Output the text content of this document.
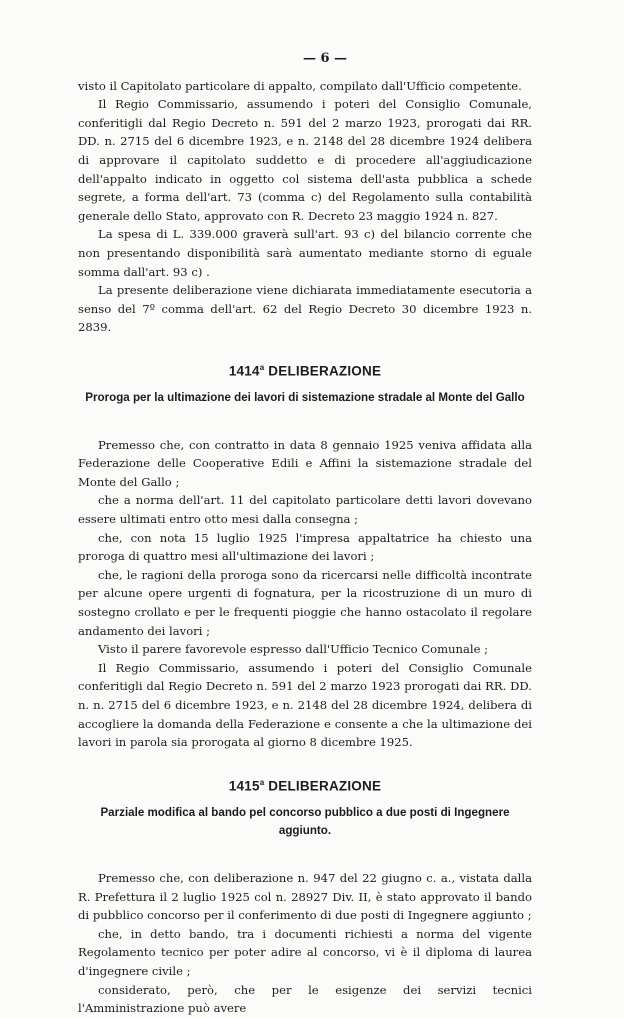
— 6 —

visto il Capitolato particolare di appalto, compilato dall'Ufficio competente.

Il Regio Commissario, assumendo i poteri del Consiglio Comunale, conferitigli dal Regio Decreto n. 591 del 2 marzo 1923, prorogati dai RR. DD. n. 2715 del 6 dicembre 1923, e n. 2148 del 28 dicembre 1924 delibera di approvare il capitolato suddetto e di procedere all'aggiudicazione dell'appalto indicato in oggetto col sistema dell'asta pubblica a schede segrete, a forma dell'art. 73 (comma c) del Regolamento sulla contabilità generale dello Stato, approvato con R. Decreto 23 maggio 1924 n. 827.

La spesa di L. 339.000 graverà sull'art. 93 c) del bilancio corrente che non presentando disponibilità sarà aumentato mediante storno di eguale somma dall'art. 93 c) .

La presente deliberazione viene dichiarata immediatamente esecutoria a senso del 7º comma dell'art. 62 del Regio Decreto 30 dicembre 1923 n. 2839.

1414$^a$ DELIBERAZIONE
Proroga per la ultimazione dei lavori di sistemazione stradale al Monte del Gallo

Premesso che, con contratto in data 8 gennaio 1925 veniva affidata alla Federazione delle Cooperative Edili e Affini la sistemazione stradale del Monte del Gallo ;

che a norma dell'art. 11 del capitolato particolare detti lavori dovevano essere ultimati entro otto mesi dalla consegna ;

che, con nota 15 luglio 1925 l'impresa appaltatrice ha chiesto una proroga di quattro mesi all'ultimazione dei lavori ;

che, le ragioni della proroga sono da ricercarsi nelle difficoltà incontrate per alcune opere urgenti di fognatura, per la ricostruzione di un muro di sostegno crollato e per le frequenti pioggie che hanno ostacolato il regolare andamento dei lavori ;

Visto il parere favorevole espresso dall'Ufficio Tecnico Comunale ;

Il Regio Commissario, assumendo i poteri del Consiglio Comunale conferitigli dal Regio Decreto n. 591 del 2 marzo 1923 prorogati dai RR. DD. n. n. 2715 del 6 dicembre 1923, e n. 2148 del 28 dicembre 1924, delibera di accogliere la domanda della Federazione e consente a che la ultimazione dei lavori in parola sia prorogata al giorno 8 dicembre 1925.

1415$^a$ DELIBERAZIONE
Parziale modifica al bando pel concorso pubblico a due posti di Ingegnere aggiunto.

Premesso che, con deliberazione n. 947 del 22 giugno c. a., vistata dalla R. Prefettura il 2 luglio 1925 col n. 28927 Div. II, è stato approvato il bando di pubblico concorso per il conferimento di due posti di Ingegnere aggiunto ;

che, in detto bando, tra i documenti richiesti a norma del vigente Regolamento tecnico per poter adire al concorso, vi è il diploma di laurea d'ingegnere civile ;

considerato, però, che per le esigenze dei servizi tecnici l'Amministrazione può avere
